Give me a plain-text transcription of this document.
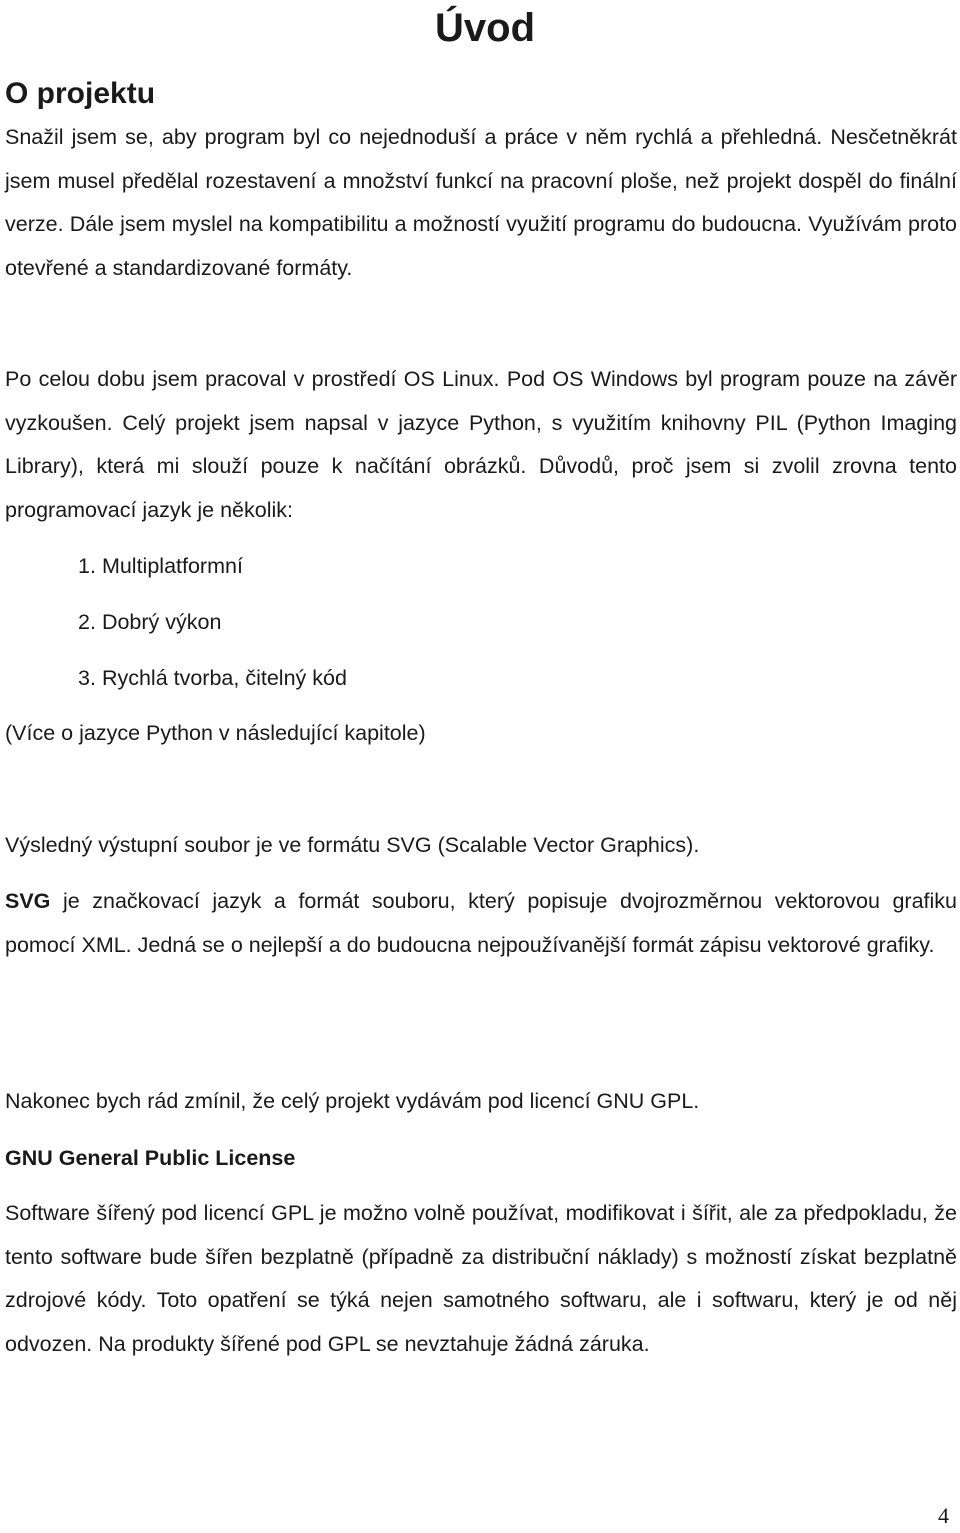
Úvod
O projektu

Snažil jsem se, aby program byl co nejednoduší a práce v něm rychlá a přehledná. Nesčetněkrát jsem musel předělal rozestavení a množství funkcí na pracovní ploše, než projekt dospěl do finální verze. Dále jsem myslel na kompatibilitu a možností využití programu do budoucna. Využívám proto otevřené a standardizované formáty.

Po celou dobu jsem pracoval v prostředí OS Linux. Pod OS Windows byl program pouze na závěr vyzkoušen. Celý projekt jsem napsal v jazyce Python, s využitím knihovny PIL (Python Imaging Library), která mi slouží pouze k načítání obrázků. Důvodů, proč jsem si zvolil zrovna tento programovací jazyk je několik:

1. Multiplatformní
2. Dobrý výkon
3. Rychlá tvorba, čitelný kód

(Více o jazyce Python v následující kapitole)

Výsledný výstupní soubor je ve formátu SVG (Scalable Vector Graphics).

SVG je značkovací jazyk a formát souboru, který popisuje dvojrozměrnou vektorovou grafiku pomocí XML. Jedná se o nejlepší a do budoucna nejpoužívanější formát zápisu vektorové grafiky.

Nakonec bych rád zmínil, že celý projekt vydávám pod licencí GNU GPL.

GNU General Public License

Software šířený pod licencí GPL je možno volně používat, modifikovat i šířit, ale za předpokladu, že tento software bude šířen bezplatně (případně za distribuční náklady) s možností získat bezplatně zdrojové kódy. Toto opatření se týká nejen samotného softwaru, ale i softwaru, který je od něj odvozen. Na produkty šířené pod GPL se nevztahuje žádná záruka.

4
